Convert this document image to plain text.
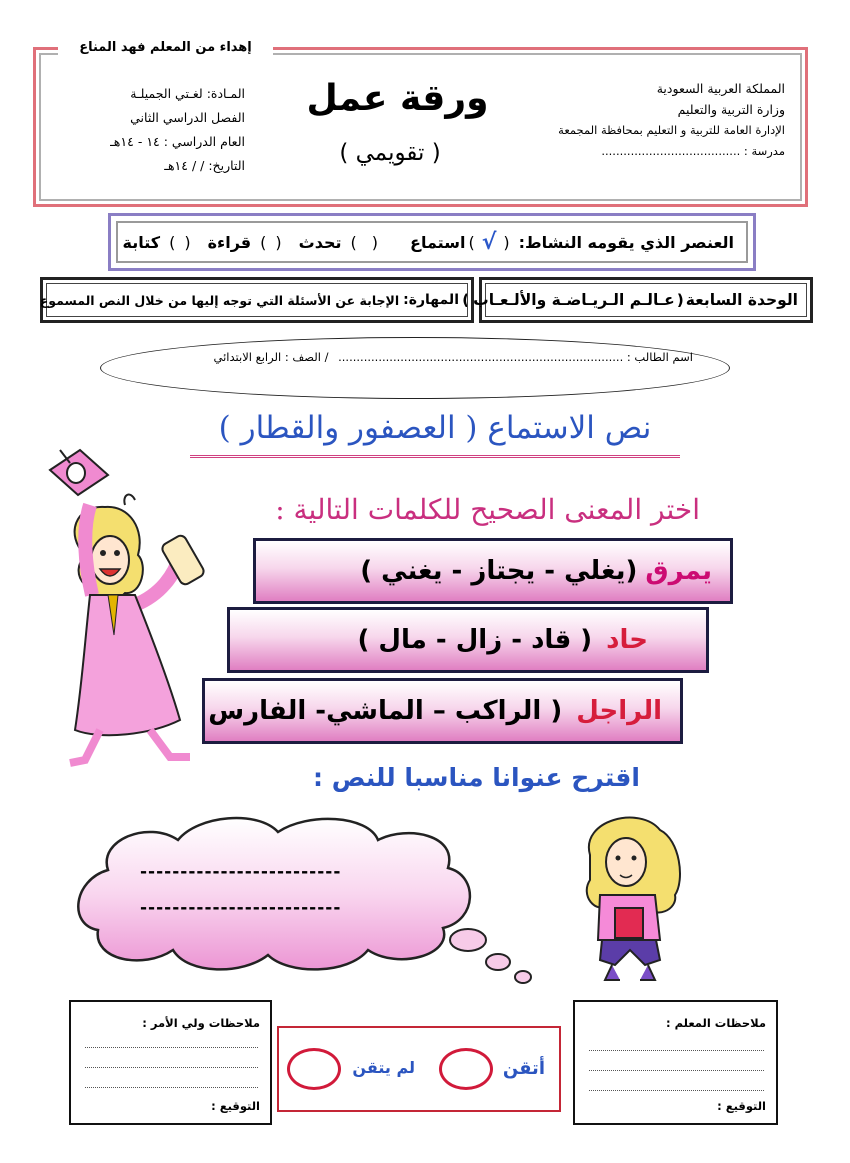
إهداء من المعلم فهد المناع
المملكة العربية السعودية
وزارة التربية والتعليم
الإدارة العامة للتربية و التعليم بمحافظة المجمعة
مدرسة : ......................................
ورقة عمل
( تقويمي )
المـادة: لغـتي الجميلـة
الفصل الدراسي الثاني
العام الدراسي : ١٤ - ١٤هـ
التاريخ: / / ١٤هـ
العنصر الذي يقومه النشاط:
(
√
)
استماع
(
)
تحدث
(
)
قراءة
(
)
كتابة
الوحدة السابعة
(
عـالـم الـريـاضـة والألـعـاب
)
المهارة:
الإجابة عن الأسئلة التي توجه إليها من خلال النص المسموع
اسم الطالب : .............................................................................. / الصف : الرابع الابتدائي
نص الاستماع ( العصفور والقطار )
اختر المعنى الصحيح للكلمات التالية :
يمرق
(يغلي - يجتاز - يغني )
حاد
( قاد - زال - مال )
الراجل
( الراكب – الماشي- الفارس
اقترح عنوانا مناسبا للنص :
-------------------------
-------------------------
ملاحظات المعلم :
التوقيع :
ملاحظات ولي الأمر :
التوقيع :
أتقن
لم يتقن
